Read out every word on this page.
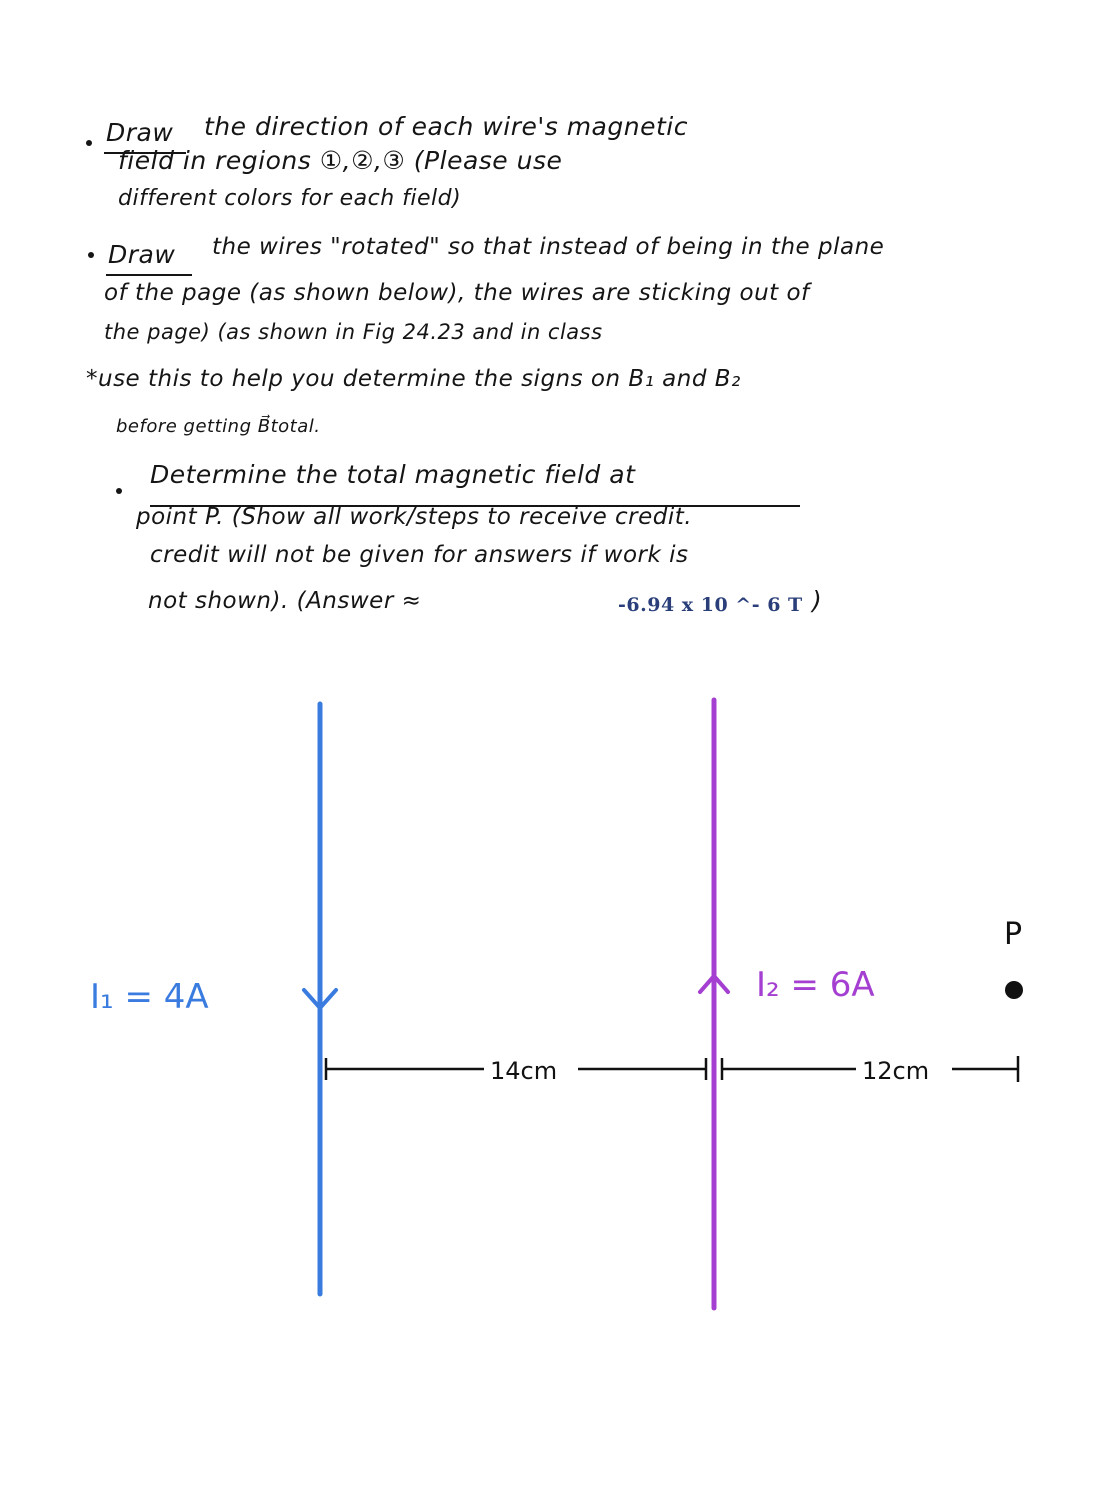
Draw the direction of each wire's magnetic
field in regions ①,②,③ (Please use
different colors for each field)
Draw the wires "rotated" so that instead of being in the plane
of the page (as shown below), the wires are sticking out of
the page) (as shown in Fig 24.23 and in class
*use this to help you determine the signs on B₁ and B₂
before getting B⃗total.
Determine the total magnetic field at
point P. (Show all work/steps to receive credit.
credit will not be given for answers if work is
not shown). (Answer ≈	-6.94 x 10 ^- 6 T )
I₁ = 4A	I₂ = 6A
P
14cm	12cm
